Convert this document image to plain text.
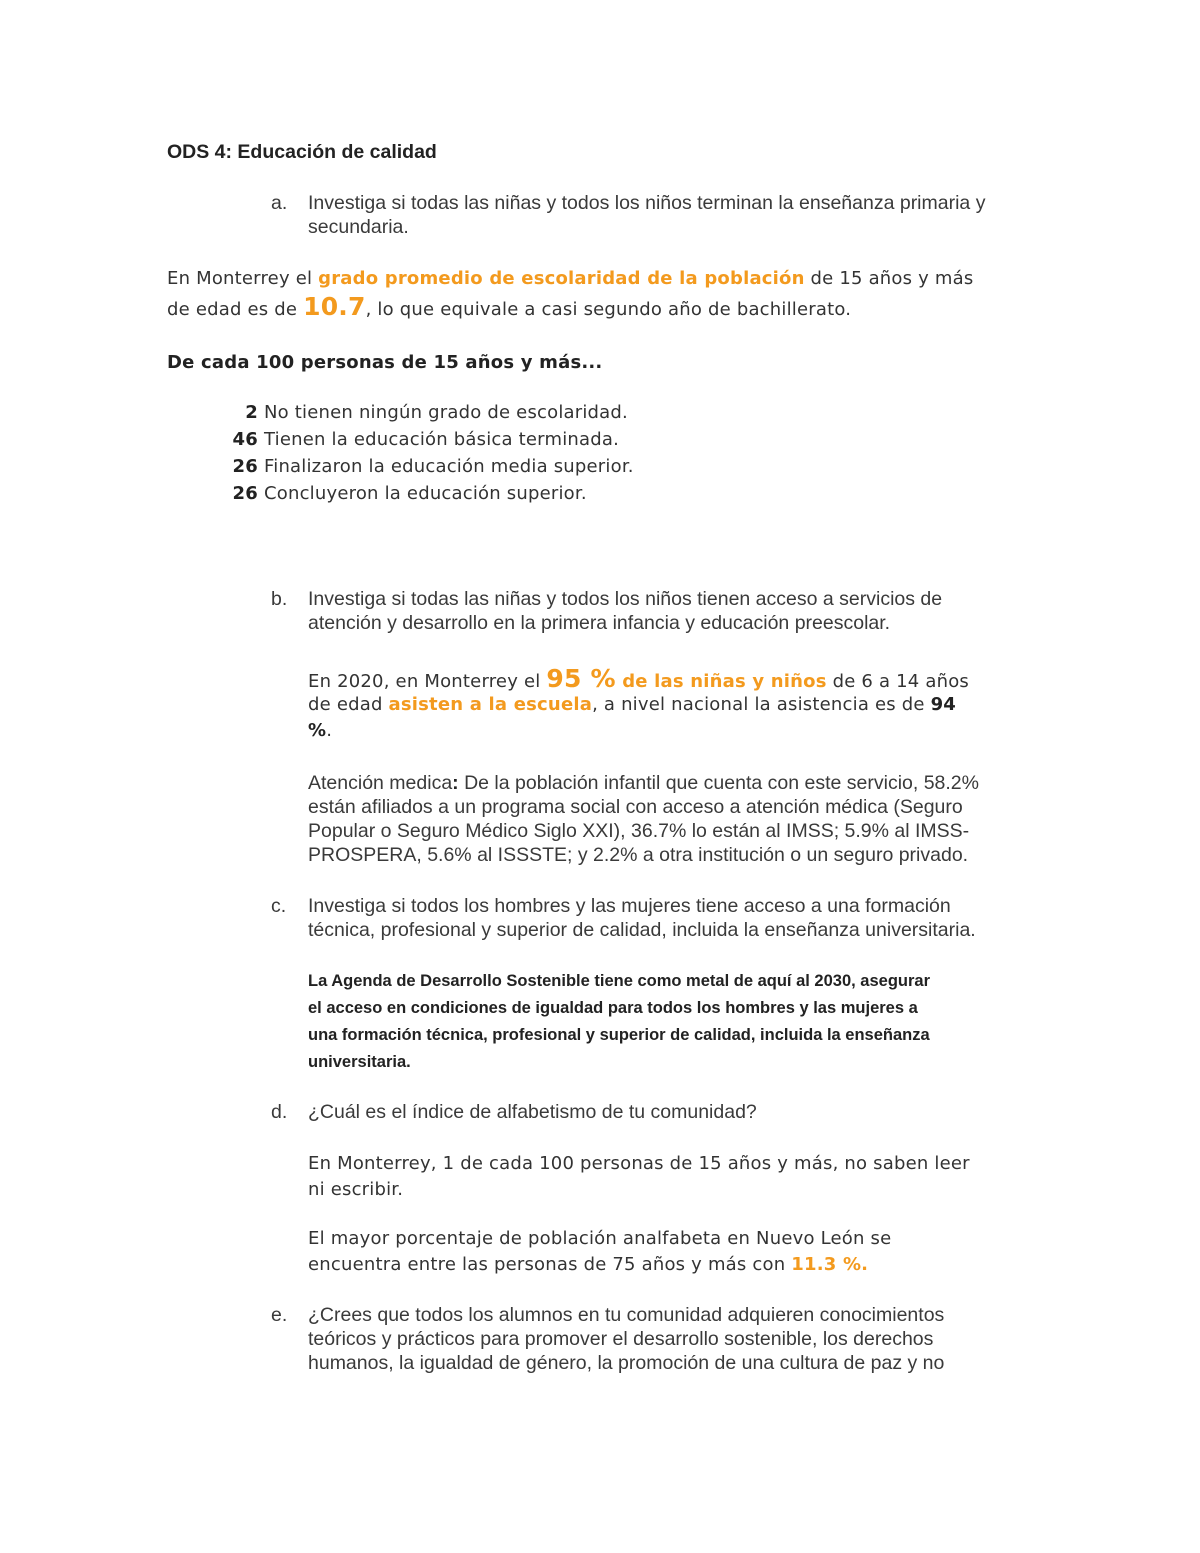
ODS 4: Educación de calidad
a.	Investiga si todas las niñas y todos los niños terminan la enseñanza primaria y
secundaria.
En Monterrey el grado promedio de escolaridad de la población de 15 años y más
de edad es de 10.7, lo que equivale a casi segundo año de bachillerato.
De cada 100 personas de 15 años y más...
2 No tienen ningún grado de escolaridad.
46 Tienen la educación básica terminada.
26 Finalizaron la educación media superior.
26 Concluyeron la educación superior.
b.	Investiga si todas las niñas y todos los niños tienen acceso a servicios de
atención y desarrollo en la primera infancia y educación preescolar.
En 2020, en Monterrey el 95 % de las niñas y niños de 6 a 14 años
de edad asisten a la escuela, a nivel nacional la asistencia es de 94
%.
Atención medica: De la población infantil que cuenta con este servicio, 58.2%
están afiliados a un programa social con acceso a atención médica (Seguro
Popular o Seguro Médico Siglo XXI), 36.7% lo están al IMSS; 5.9% al IMSS-
PROSPERA, 5.6% al ISSSTE; y 2.2% a otra institución o un seguro privado.
c.	Investiga si todos los hombres y las mujeres tiene acceso a una formación
técnica, profesional y superior de calidad, incluida la enseñanza universitaria.
La Agenda de Desarrollo Sostenible tiene como metal de aquí al 2030, asegurar
el acceso en condiciones de igualdad para todos los hombres y las mujeres a
una formación técnica, profesional y superior de calidad, incluida la enseñanza
universitaria.
d.	¿Cuál es el índice de alfabetismo de tu comunidad?
En Monterrey, 1 de cada 100 personas de 15 años y más, no saben leer
ni escribir.
El mayor porcentaje de población analfabeta en Nuevo León se
encuentra entre las personas de 75 años y más con 11.3 %.
e.	¿Crees que todos los alumnos en tu comunidad adquieren conocimientos
teóricos y prácticos para promover el desarrollo sostenible, los derechos
humanos, la igualdad de género, la promoción de una cultura de paz y no
